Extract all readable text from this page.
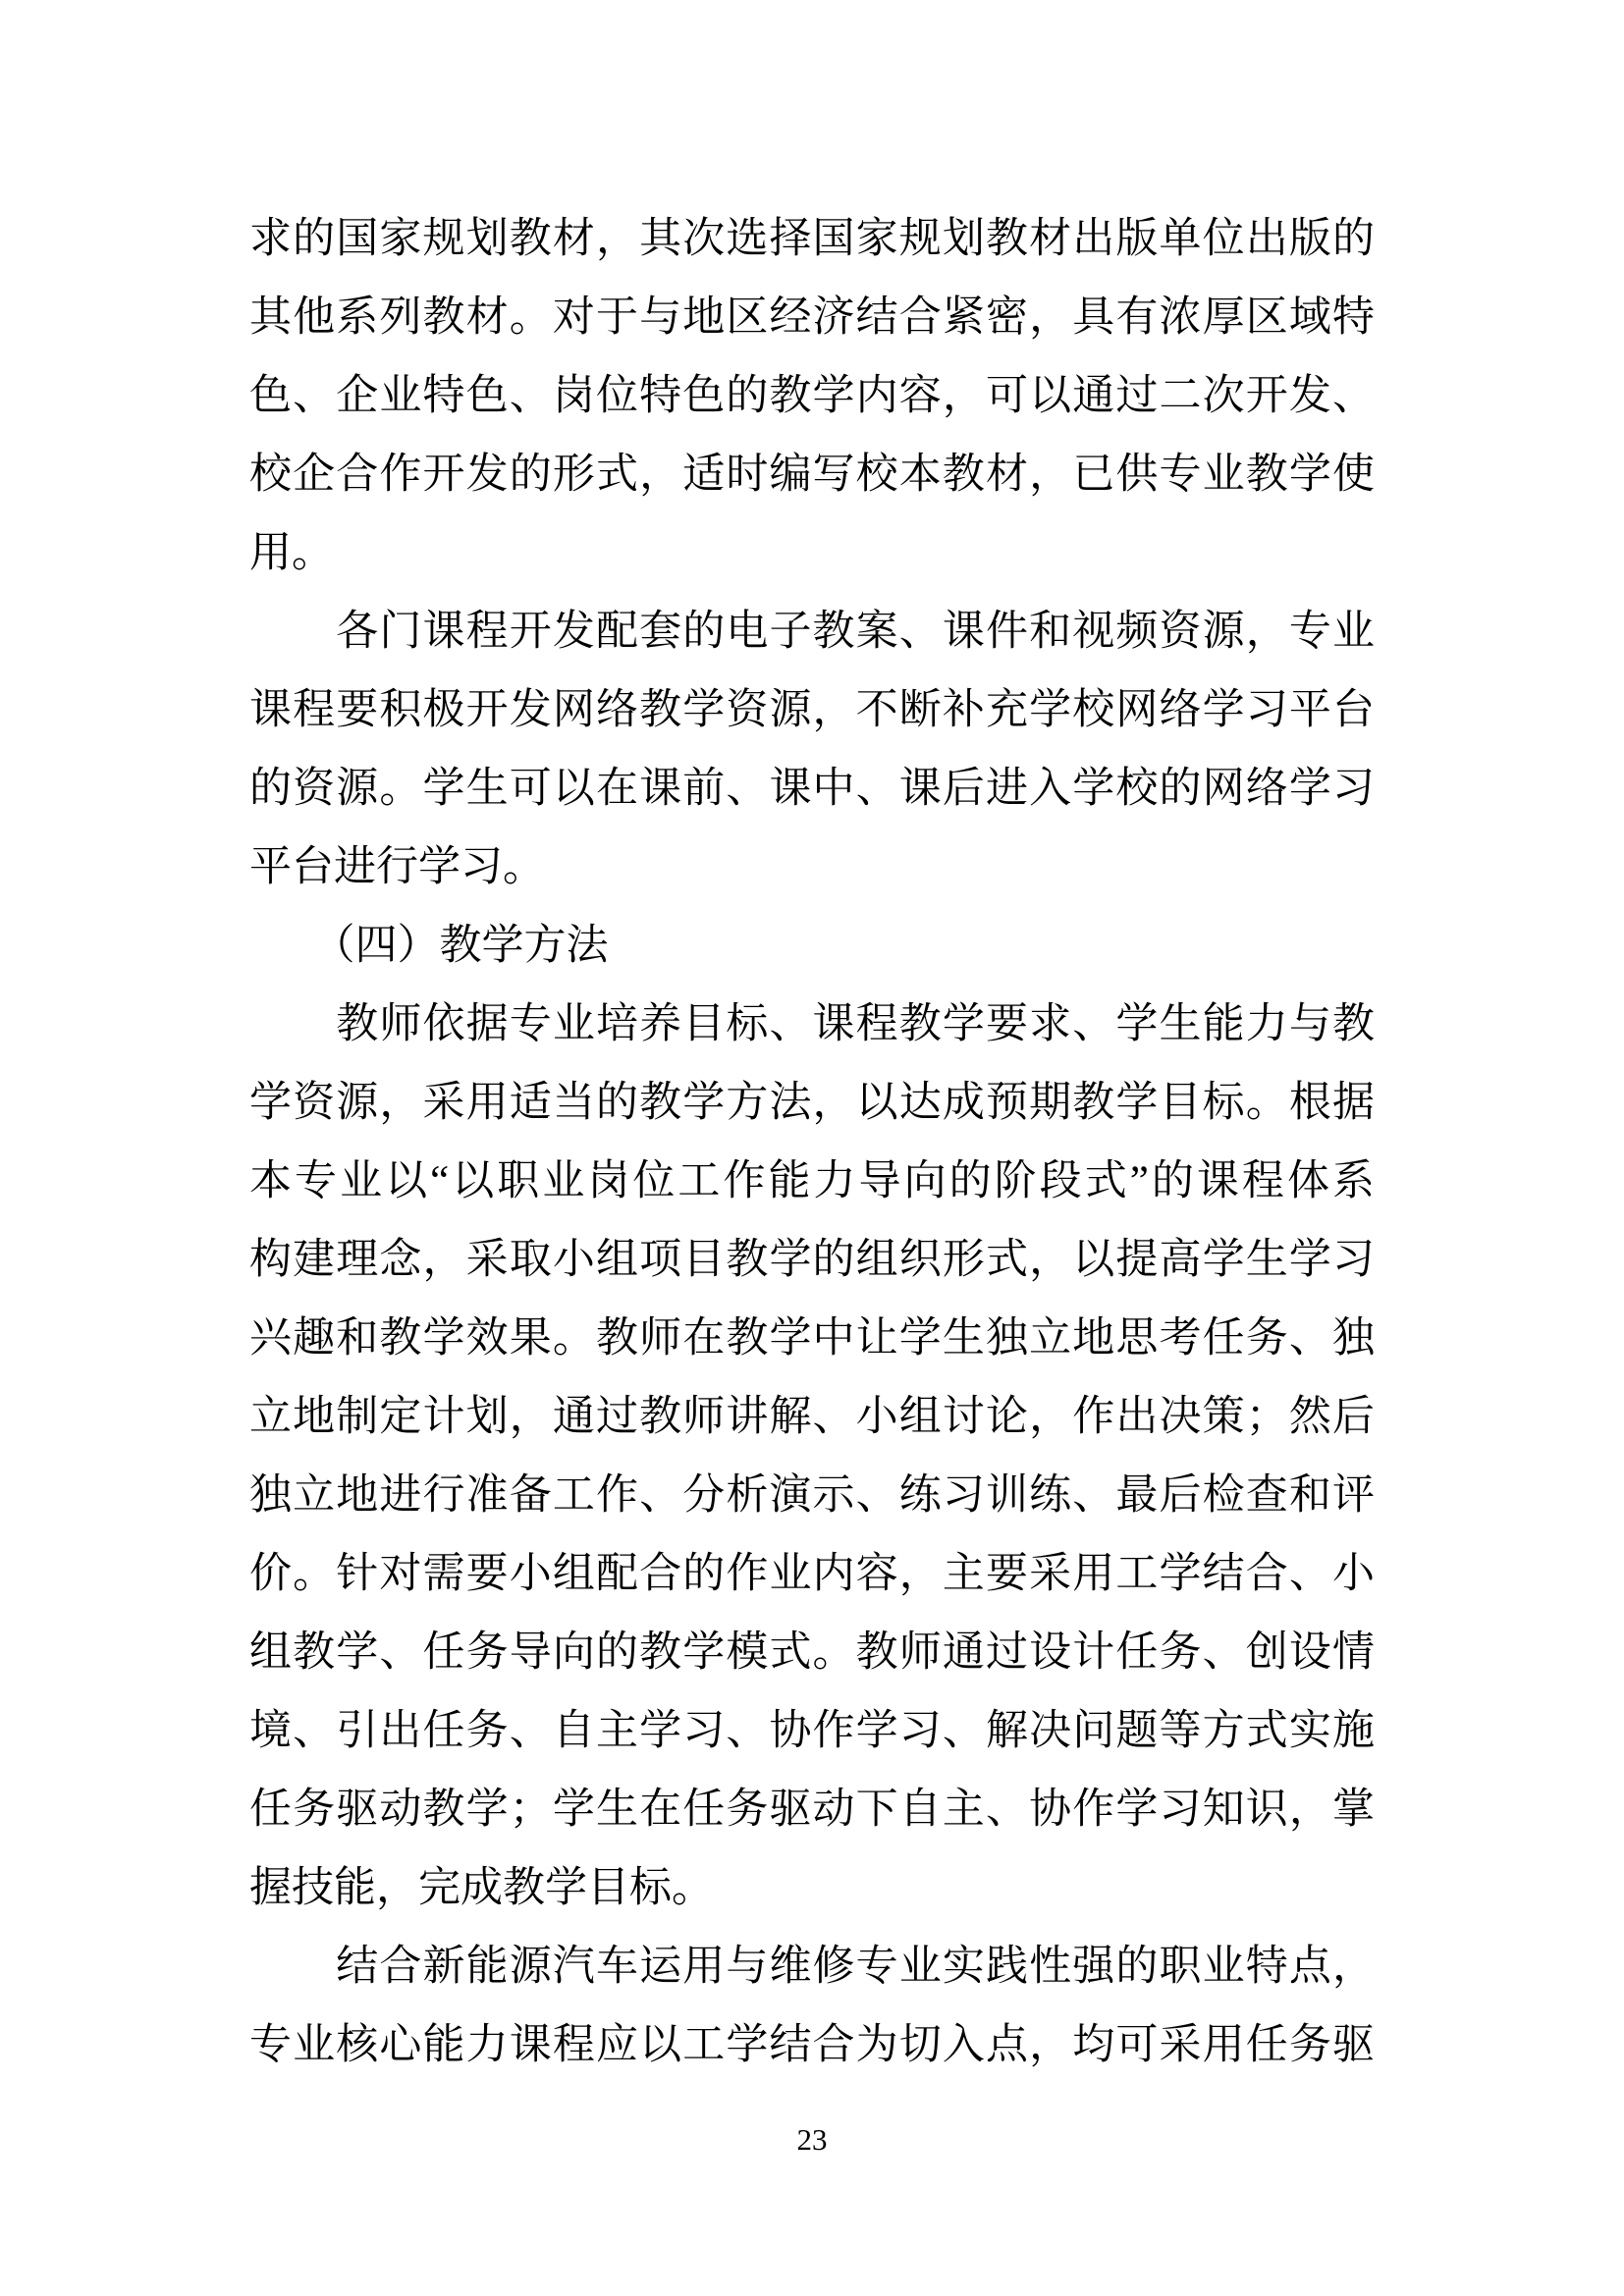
求的国家规划教材，其次选择国家规划教材出版单位出版的
其他系列教材。对于与地区经济结合紧密，具有浓厚区域特
色、企业特色、岗位特色的教学内容，可以通过二次开发、
校企合作开发的形式，适时编写校本教材，已供专业教学使
用。
　　各门课程开发配套的电子教案、课件和视频资源，专业
课程要积极开发网络教学资源，不断补充学校网络学习平台
的资源。学生可以在课前、课中、课后进入学校的网络学习
平台进行学习。
　　（四）教学方法
　　教师依据专业培养目标、课程教学要求、学生能力与教
学资源，采用适当的教学方法，以达成预期教学目标。根据
本专业以“以职业岗位工作能力导向的阶段式”的课程体系
构建理念，采取小组项目教学的组织形式，以提高学生学习
兴趣和教学效果。教师在教学中让学生独立地思考任务、独
立地制定计划，通过教师讲解、小组讨论，作出决策；然后
独立地进行准备工作、分析演示、练习训练、最后检查和评
价。针对需要小组配合的作业内容，主要采用工学结合、小
组教学、任务导向的教学模式。教师通过设计任务、创设情
境、引出任务、自主学习、协作学习、解决问题等方式实施
任务驱动教学；学生在任务驱动下自主、协作学习知识，掌
握技能，完成教学目标。
　　结合新能源汽车运用与维修专业实践性强的职业特点，
专业核心能力课程应以工学结合为切入点，均可采用任务驱
23
